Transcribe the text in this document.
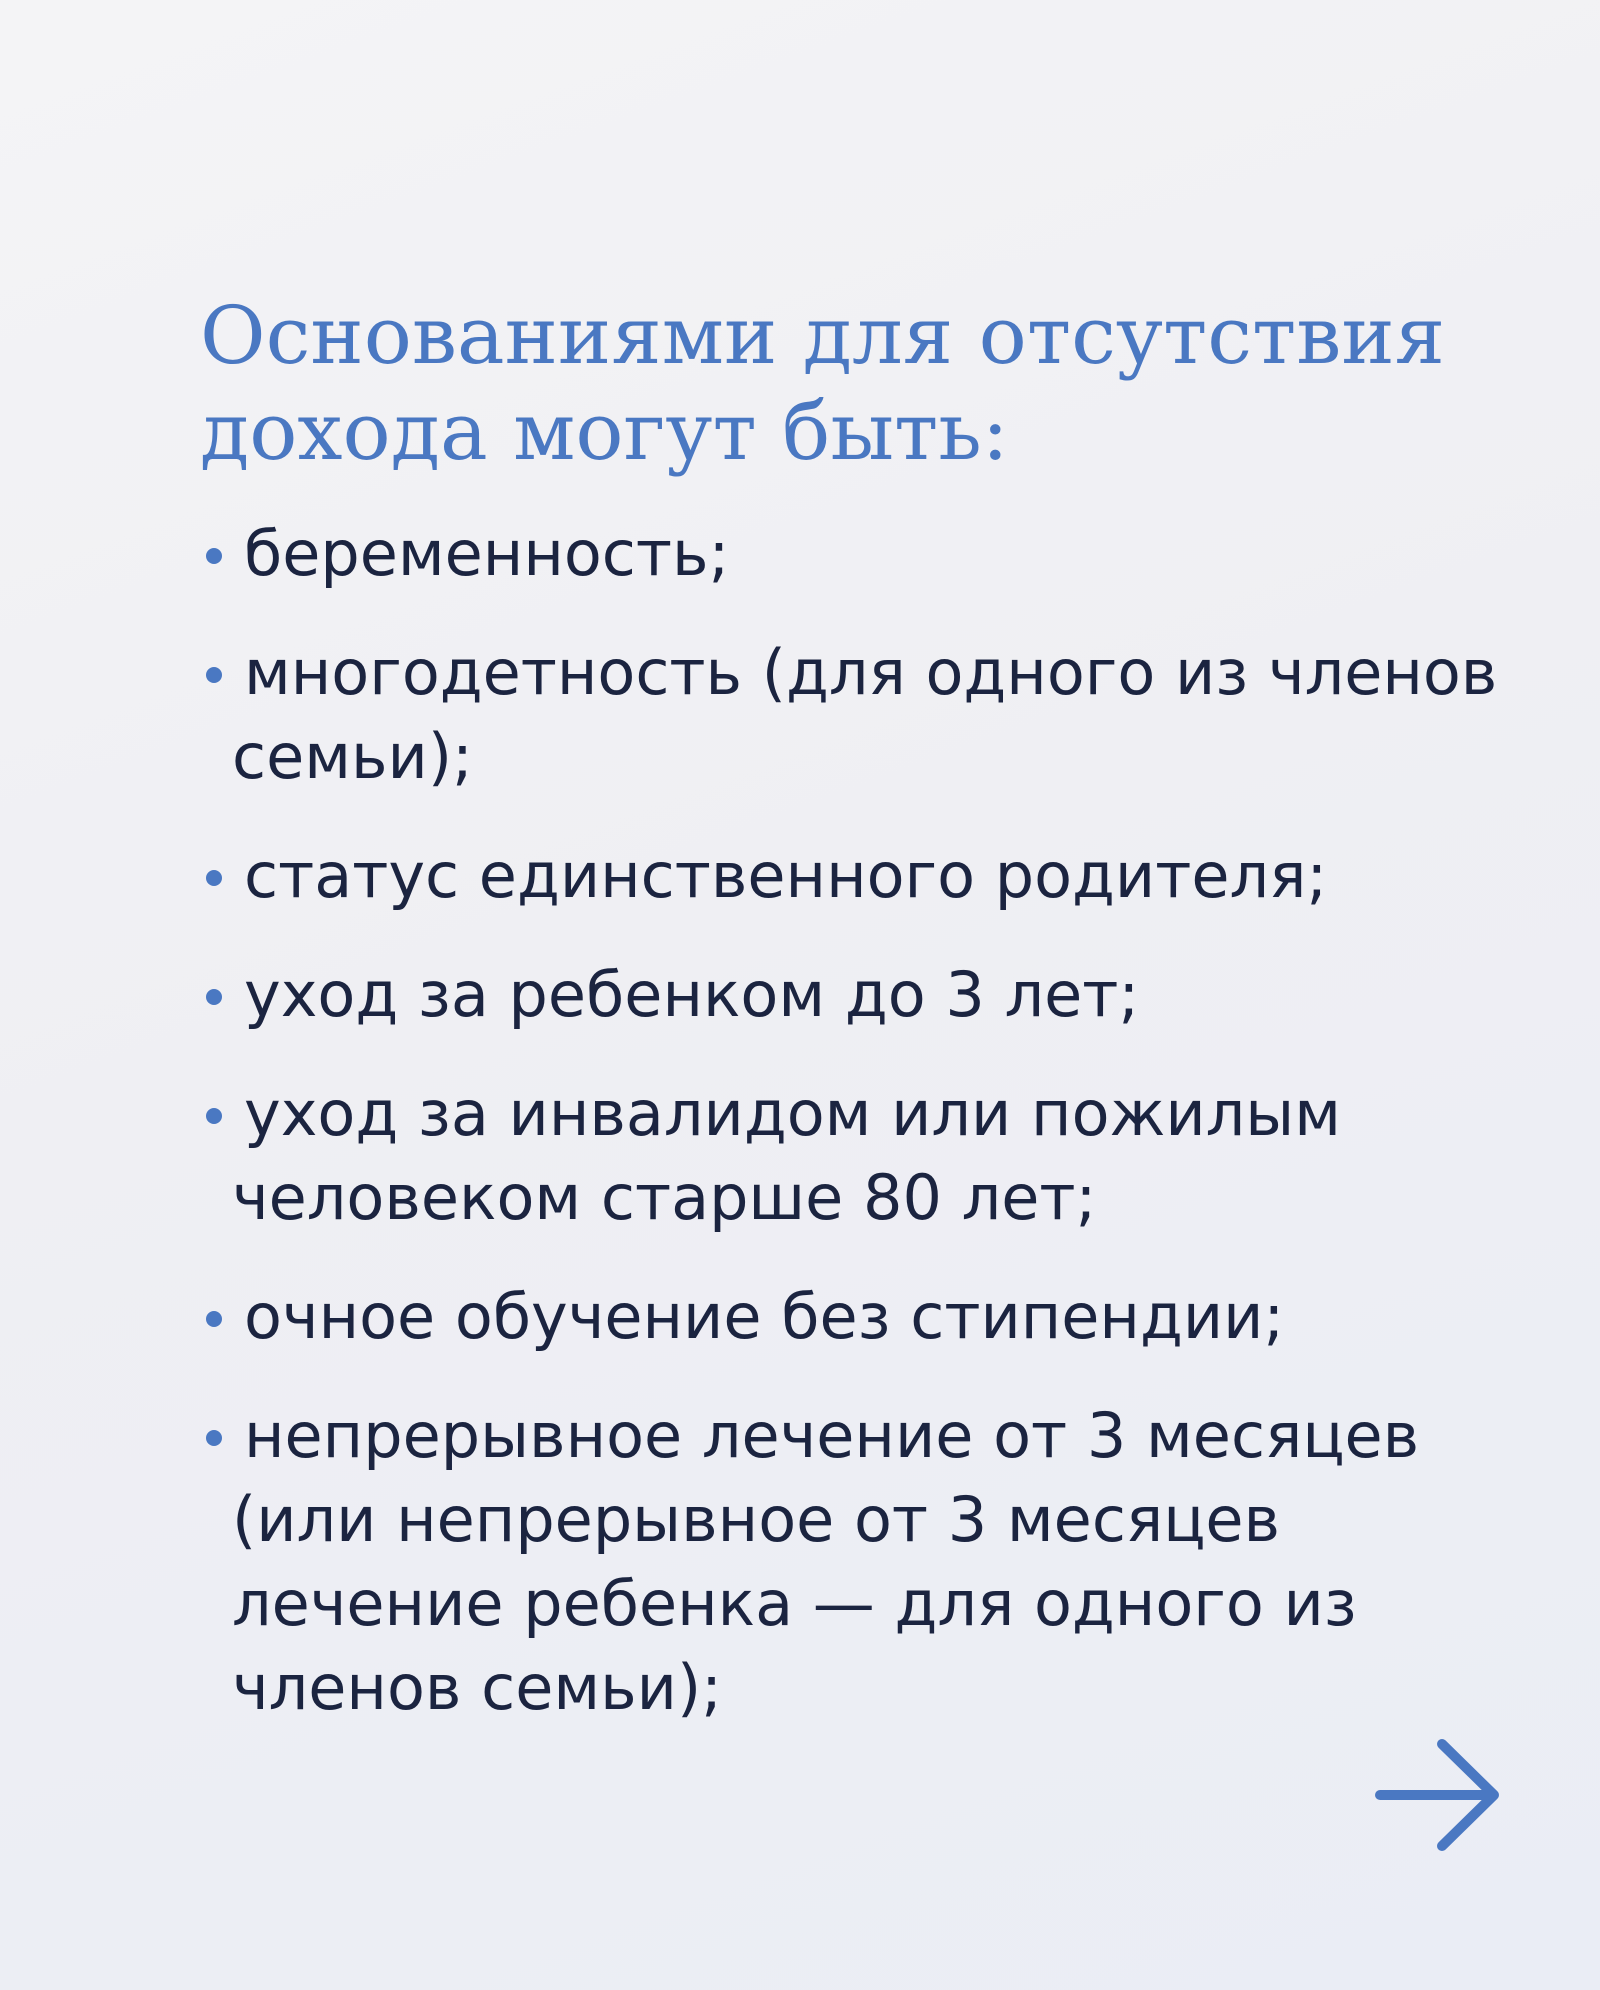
Основаниями для отсутствия
дохода могут быть:
беременность;
многодетность (для одного из членов
семьи);
статус единственного родителя;
уход за ребенком до 3 лет;
уход за инвалидом или пожилым
человеком старше 80 лет;
очное обучение без стипендии;
непрерывное лечение от 3 месяцев
(или непрерывное от 3 месяцев
лечение ребенка — для одного из
членов семьи);
